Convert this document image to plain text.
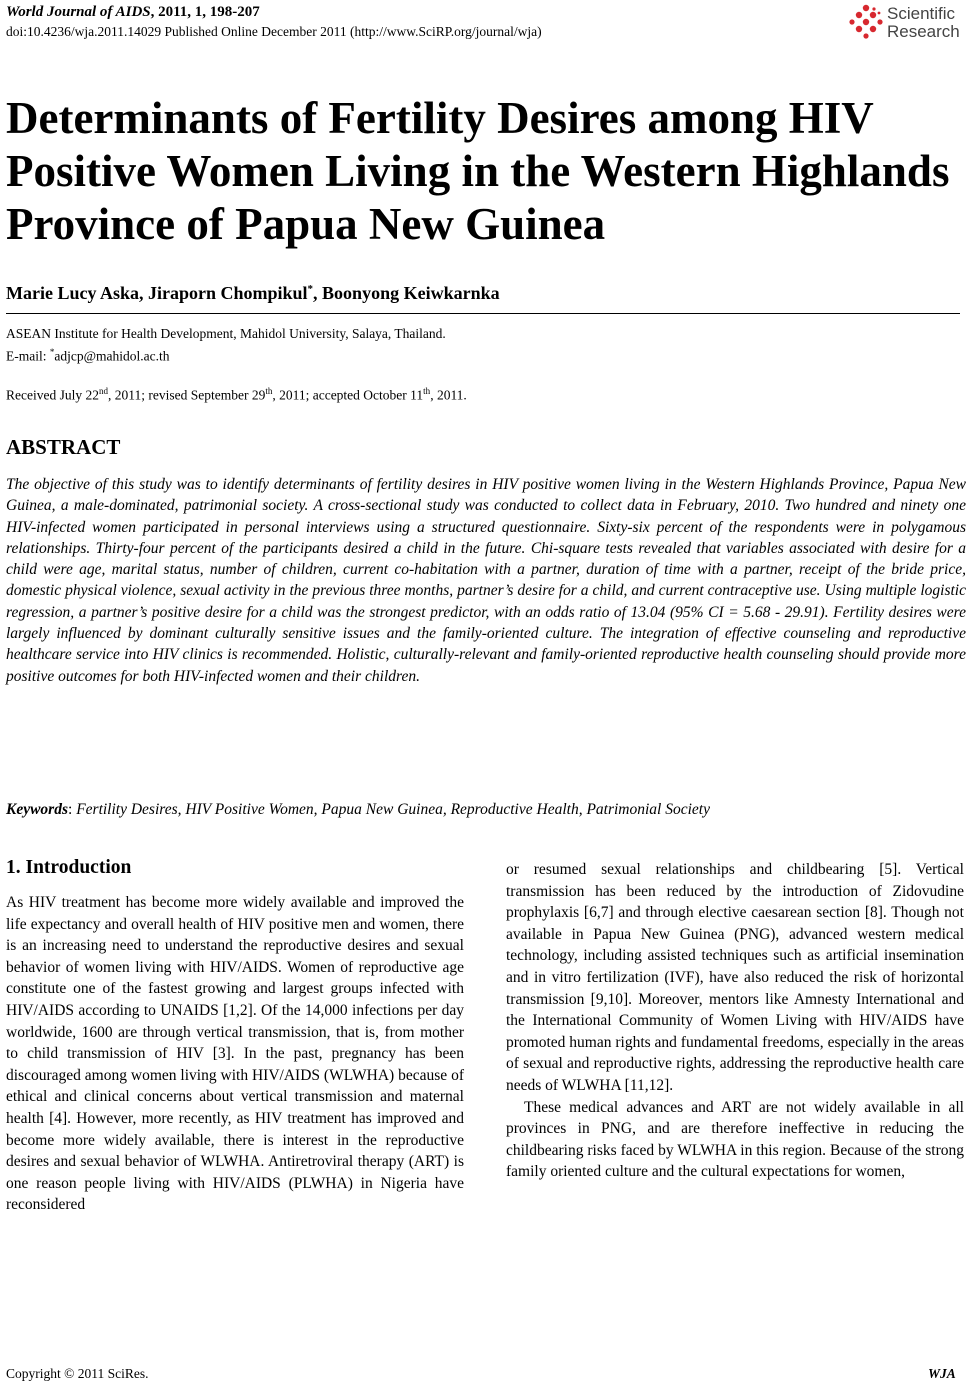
World Journal of AIDS, 2011, 1, 198-207
doi:10.4236/wja.2011.14029 Published Online December 2011 (http://www.SciRP.org/journal/wja)
Scientific
Research
Determinants of Fertility Desires among HIV Positive Women Living in the Western Highlands Province of Papua New Guinea
Marie Lucy Aska, Jiraporn Chompikul*, Boonyong Keiwkarnka
ASEAN Institute for Health Development, Mahidol University, Salaya, Thailand.
E-mail: *adjcp@mahidol.ac.th
Received July 22nd, 2011; revised September 29th, 2011; accepted October 11th, 2011.
ABSTRACT

The objective of this study was to identify determinants of fertility desires in HIV positive women living in the Western Highlands Province, Papua New Guinea, a male-dominated, patrimonial society. A cross-sectional study was conducted to collect data in February, 2010. Two hundred and ninety one HIV-infected women participated in personal interviews using a structured questionnaire. Sixty-six percent of the respondents were in polygamous relationships. Thirty-four percent of the participants desired a child in the future. Chi-square tests revealed that variables associated with desire for a child were age, marital status, number of children, current co-habitation with a partner, duration of time with a partner, receipt of the bride price, domestic physical violence, sexual activity in the previous three months, partner’s desire for a child, and current contraceptive use. Using multiple logistic regression, a partner’s positive desire for a child was the strongest predictor, with an odds ratio of 13.04 (95% CI = 5.68 - 29.91). Fertility desires were largely influenced by dominant culturally sensitive issues and the family-oriented culture. The integration of effective counseling and reproductive healthcare service into HIV clinics is recommended. Holistic, culturally-relevant and family-oriented reproductive health counseling should provide more positive outcomes for both HIV-infected women and their children.

Keywords: Fertility Desires, HIV Positive Women, Papua New Guinea, Reproductive Health, Patrimonial Society
1. Introduction

As HIV treatment has become more widely available and improved the life expectancy and overall health of HIV positive men and women, there is an increasing need to understand the reproductive desires and sexual behavior of women living with HIV/AIDS. Women of reproductive age constitute one of the fastest growing and largest groups infected with HIV/AIDS according to UNAIDS [1,2]. Of the 14,000 infections per day worldwide, 1600 are through vertical transmission, that is, from mother to child transmission of HIV [3]. In the past, pregnancy has been discouraged among women living with HIV/AIDS (WLWHA) because of ethical and clinical concerns about vertical transmission and maternal health [4]. However, more recently, as HIV treatment has improved and become more widely available, there is interest in the reproductive desires and sexual behavior of WLWHA. Antiretroviral therapy (ART) is one reason people living with HIV/AIDS (PLWHA) in Nigeria have reconsidered

or resumed sexual relationships and childbearing [5]. Vertical transmission has been reduced by the introduction of Zidovudine prophylaxis [6,7] and through elective caesarean section [8]. Though not available in Papua New Guinea (PNG), advanced western medical technology, including assisted techniques such as artificial insemination and in vitro fertilization (IVF), have also reduced the risk of horizontal transmission [9,10]. Moreover, mentors like Amnesty International and the International Community of Women Living with HIV/AIDS have promoted human rights and fundamental freedoms, especially in the areas of sexual and reproductive rights, addressing the reproductive health care needs of WLWHA [11,12].
These medical advances and ART are not widely available in all provinces in PNG, and are therefore ineffective in reducing the childbearing risks faced by WLWHA in this region. Because of the strong family oriented culture and the cultural expectations for women,
Copyright © 2011 SciRes.	WJA
